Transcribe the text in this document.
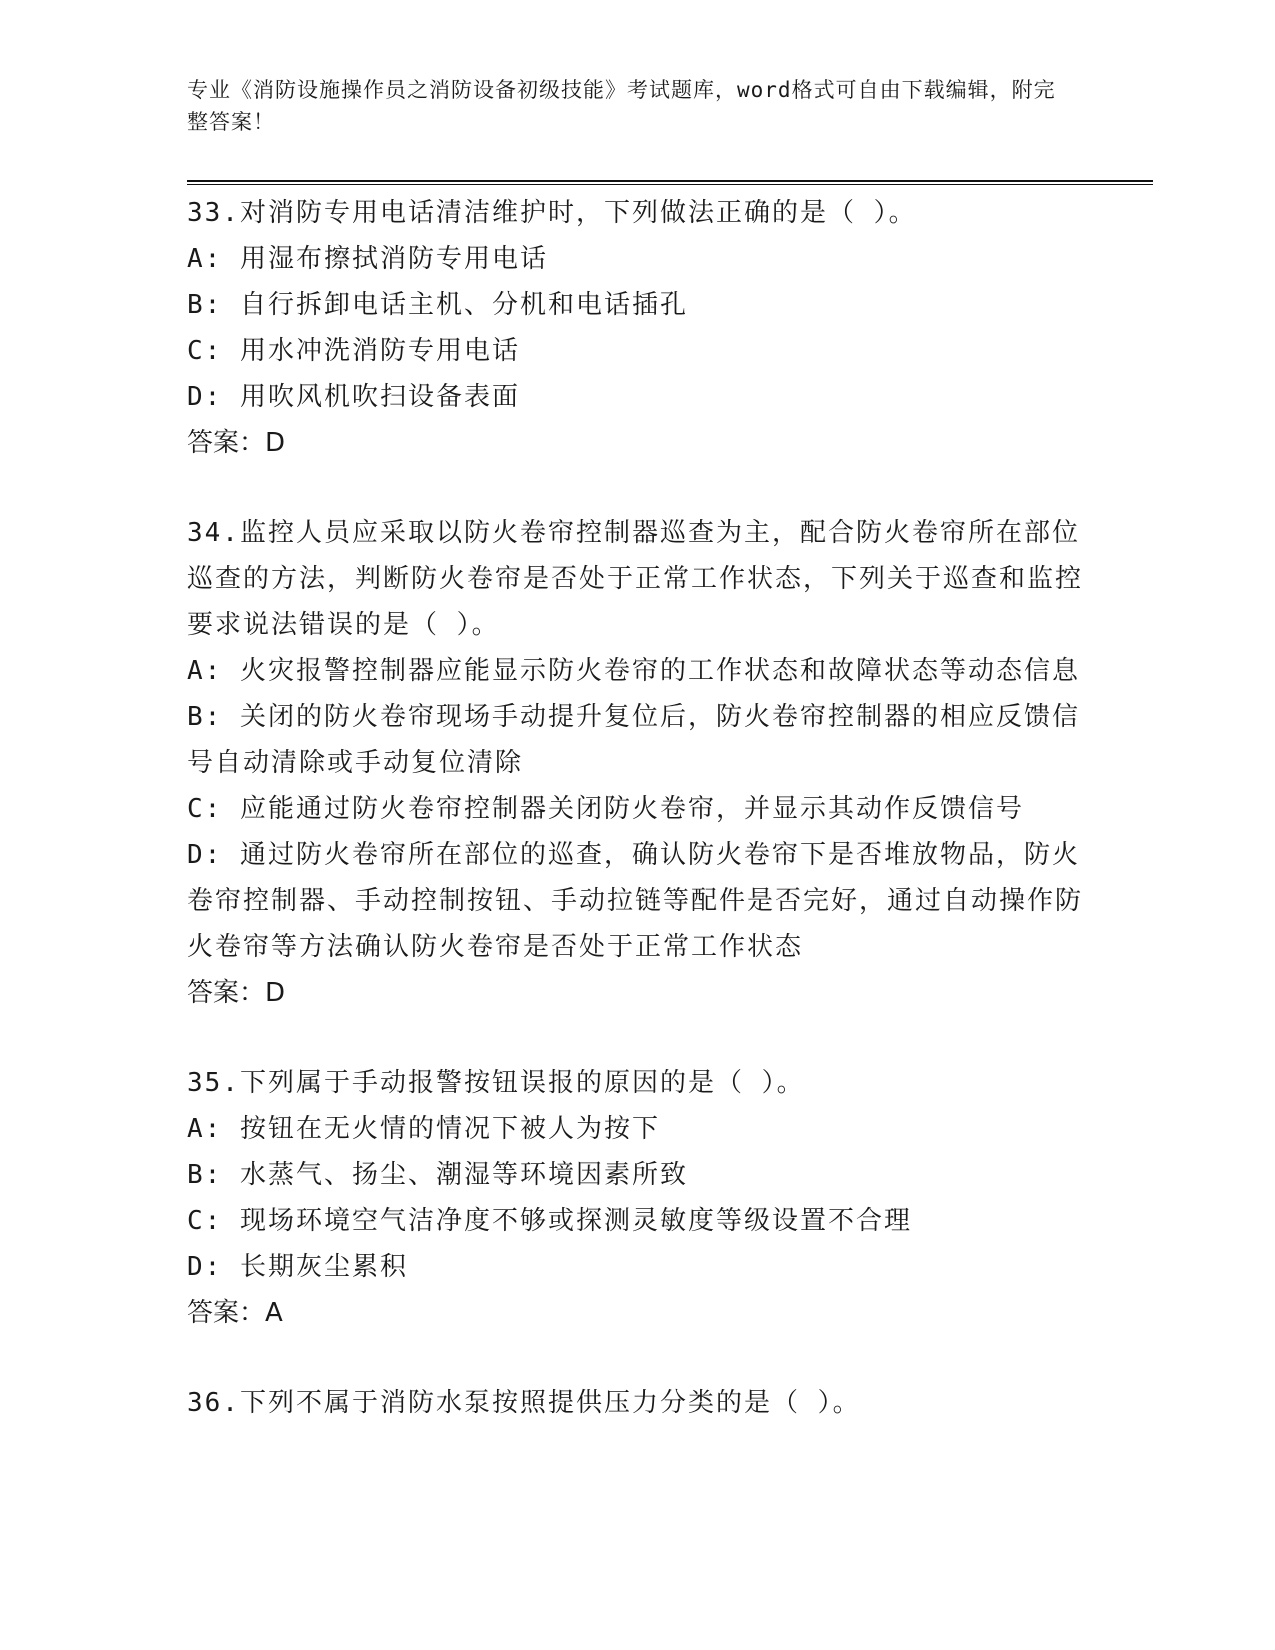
专业《消防设施操作员之消防设备初级技能》考试题库，word格式可自由下载编辑，附完整答案！

33.对消防专用电话清洁维护时，下列做法正确的是（ ）。

A: 用湿布擦拭消防专用电话

B: 自行拆卸电话主机、分机和电话插孔

C: 用水冲洗消防专用电话

D: 用吹风机吹扫设备表面

答案：D

34.监控人员应采取以防火卷帘控制器巡查为主，配合防火卷帘所在部位巡查的方法，判断防火卷帘是否处于正常工作状态，下列关于巡查和监控要求说法错误的是（ ）。

A: 火灾报警控制器应能显示防火卷帘的工作状态和故障状态等动态信息

B: 关闭的防火卷帘现场手动提升复位后，防火卷帘控制器的相应反馈信号自动清除或手动复位清除

C: 应能通过防火卷帘控制器关闭防火卷帘，并显示其动作反馈信号

D: 通过防火卷帘所在部位的巡查，确认防火卷帘下是否堆放物品，防火卷帘控制器、手动控制按钮、手动拉链等配件是否完好，通过自动操作防火卷帘等方法确认防火卷帘是否处于正常工作状态

答案：D

35.下列属于手动报警按钮误报的原因的是（ ）。

A: 按钮在无火情的情况下被人为按下

B: 水蒸气、扬尘、潮湿等环境因素所致

C: 现场环境空气洁净度不够或探测灵敏度等级设置不合理

D: 长期灰尘累积

答案：A

36.下列不属于消防水泵按照提供压力分类的是（ ）。
